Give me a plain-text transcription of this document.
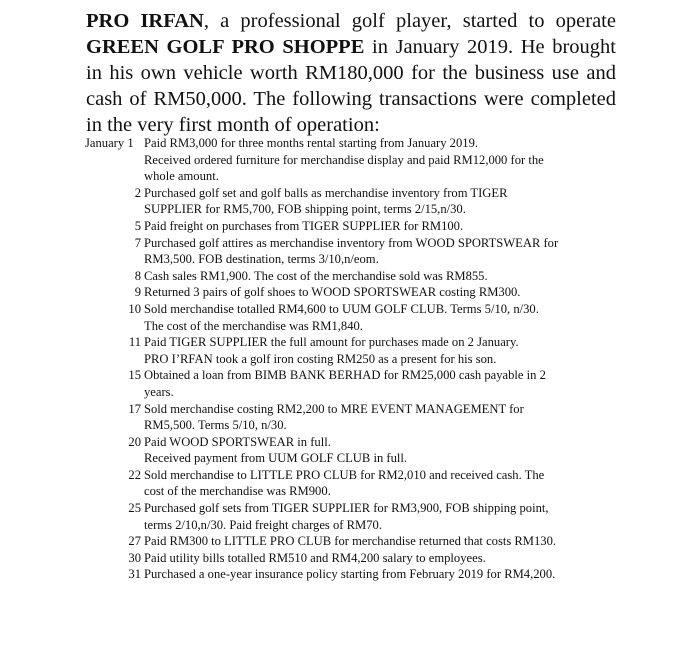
PRO IRFAN, a professional golf player, started to operate GREEN GOLF PRO SHOPPE in January 2019. He brought in his own vehicle worth RM180,000 for the business use and cash of RM50,000. The following transactions were completed in the very first month of operation:
January 1 Paid RM3,000 for three months rental starting from January 2019.
Received ordered furniture for merchandise display and paid RM12,000 for the
whole amount.
2 Purchased golf set and golf balls as merchandise inventory from TIGER
SUPPLIER for RM5,700, FOB shipping point, terms 2/15,n/30.
5 Paid freight on purchases from TIGER SUPPLIER for RM100.
7 Purchased golf attires as merchandise inventory from WOOD SPORTSWEAR for
RM3,500. FOB destination, terms 3/10,n/eom.
8 Cash sales RM1,900. The cost of the merchandise sold was RM855.
9 Returned 3 pairs of golf shoes to WOOD SPORTSWEAR costing RM300.
10 Sold merchandise totalled RM4,600 to UUM GOLF CLUB. Terms 5/10, n/30.
The cost of the merchandise was RM1,840.
11 Paid TIGER SUPPLIER the full amount for purchases made on 2 January.
PRO I’RFAN took a golf iron costing RM250 as a present for his son.
15 Obtained a loan from BIMB BANK BERHAD for RM25,000 cash payable in 2
years.
17 Sold merchandise costing RM2,200 to MRE EVENT MANAGEMENT for
RM5,500. Terms 5/10, n/30.
20 Paid WOOD SPORTSWEAR in full.
Received payment from UUM GOLF CLUB in full.
22 Sold merchandise to LITTLE PRO CLUB for RM2,010 and received cash. The
cost of the merchandise was RM900.
25 Purchased golf sets from TIGER SUPPLIER for RM3,900, FOB shipping point,
terms 2/10,n/30. Paid freight charges of RM70.
27 Paid RM300 to LITTLE PRO CLUB for merchandise returned that costs RM130.
30 Paid utility bills totalled RM510 and RM4,200 salary to employees.
31 Purchased a one-year insurance policy starting from February 2019 for RM4,200.
